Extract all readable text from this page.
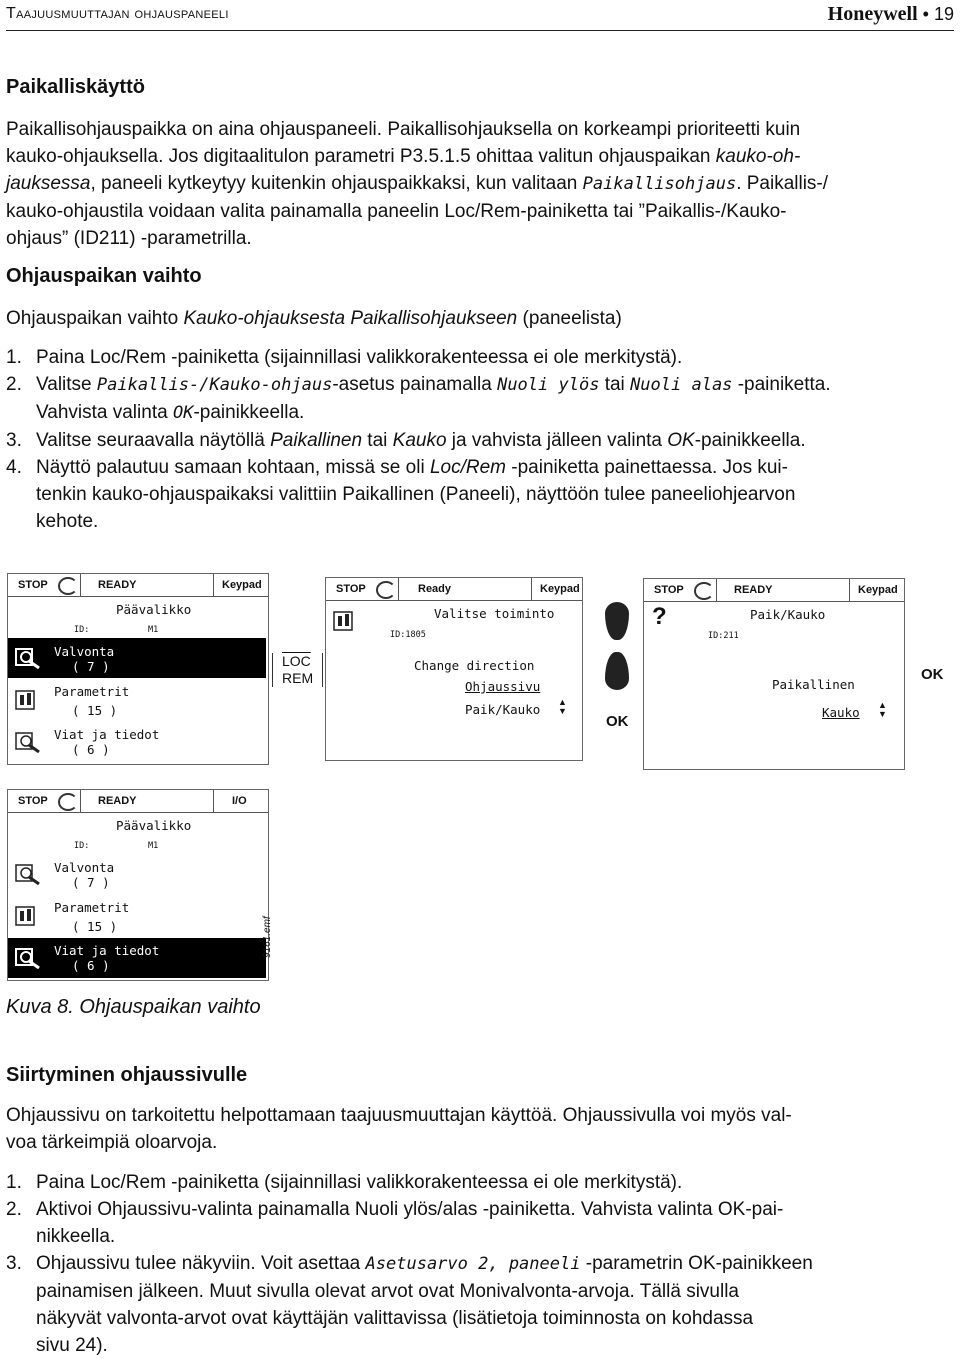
Taajuusmuuttajan ohjauspaneeli	Honeywell • 19
Paikalliskäyttö
Paikallisohjauspaikka on aina ohjauspaneeli. Paikallisohjauksella on korkeampi prioriteetti kuin
kauko-ohjauksella. Jos digitaalitulon parametri P3.5.1.5 ohittaa valitun ohjauspaikan kauko-oh-
jauksessa, paneeli kytkeytyy kuitenkin ohjauspaikkaksi, kun valitaan Paikallisohjaus. Paikallis-/
kauko-ohjaustila voidaan valita painamalla paneelin Loc/Rem-painiketta tai ”Paikallis-/Kauko-
ohjaus” (ID211) -parametrilla.
Ohjauspaikan vaihto
Ohjauspaikan vaihto Kauko-ohjauksesta Paikallisohjaukseen (paneelista)
1. Paina Loc/Rem -painiketta (sijainnillasi valikkorakenteessa ei ole merkitystä).
2. Valitse Paikallis-/Kauko-ohjaus-asetus painamalla Nuoli ylös tai Nuoli alas -painiketta.
Vahvista valinta OK-painikkeella.
3. Valitse seuraavalla näytöllä Paikallinen tai Kauko ja vahvista jälleen valinta OK-painikkeella.
4. Näyttö palautuu samaan kohtaan, missä se oli Loc/Rem -painiketta painettaessa. Jos kui-
tenkin kauko-ohjauspaikaksi valittiin Paikallinen (Paneeli), näyttöön tulee paneeliohjearvon
kehote.
STOP	READY	Keypad
Päävalikko
ID:	M1
Valvonta
( 7 )
Parametrit
( 15 )
Viat ja tiedot
( 6 )
$\overline{LOC}$
REM
STOP	Ready	Keypad
Valitse toiminto
ID:1805
Change direction
Ohjaussivu
Paik/Kauko ▲
▼
OK
STOP	READY	Keypad
?	Paik/Kauko
ID:211
Paikallinen
Kauko ▲
▼
OK
STOP	READY	I/O
Päävalikko
ID:	M1
Valvonta
( 7 )
Parametrit
( 15 )
Viat ja tiedot
( 6 )
9161.emf
Kuva 8. Ohjauspaikan vaihto
Siirtyminen ohjaussivulle
Ohjaussivu on tarkoitettu helpottamaan taajuusmuuttajan käyttöä. Ohjaussivulla voi myös val-
voa tärkeimpiä oloarvoja.
1. Paina Loc/Rem -painiketta (sijainnillasi valikkorakenteessa ei ole merkitystä).
2. Aktivoi Ohjaussivu-valinta painamalla Nuoli ylös/alas -painiketta. Vahvista valinta OK-pai-
nikkeella.
3. Ohjaussivu tulee näkyviin. Voit asettaa Asetusarvo 2, paneeli -parametrin OK-painikkeen
painamisen jälkeen. Muut sivulla olevat arvot ovat Monivalvonta-arvoja. Tällä sivulla
näkyvät valvonta-arvot ovat käyttäjän valittavissa (lisätietoja toiminnosta on kohdassa
sivu 24).
